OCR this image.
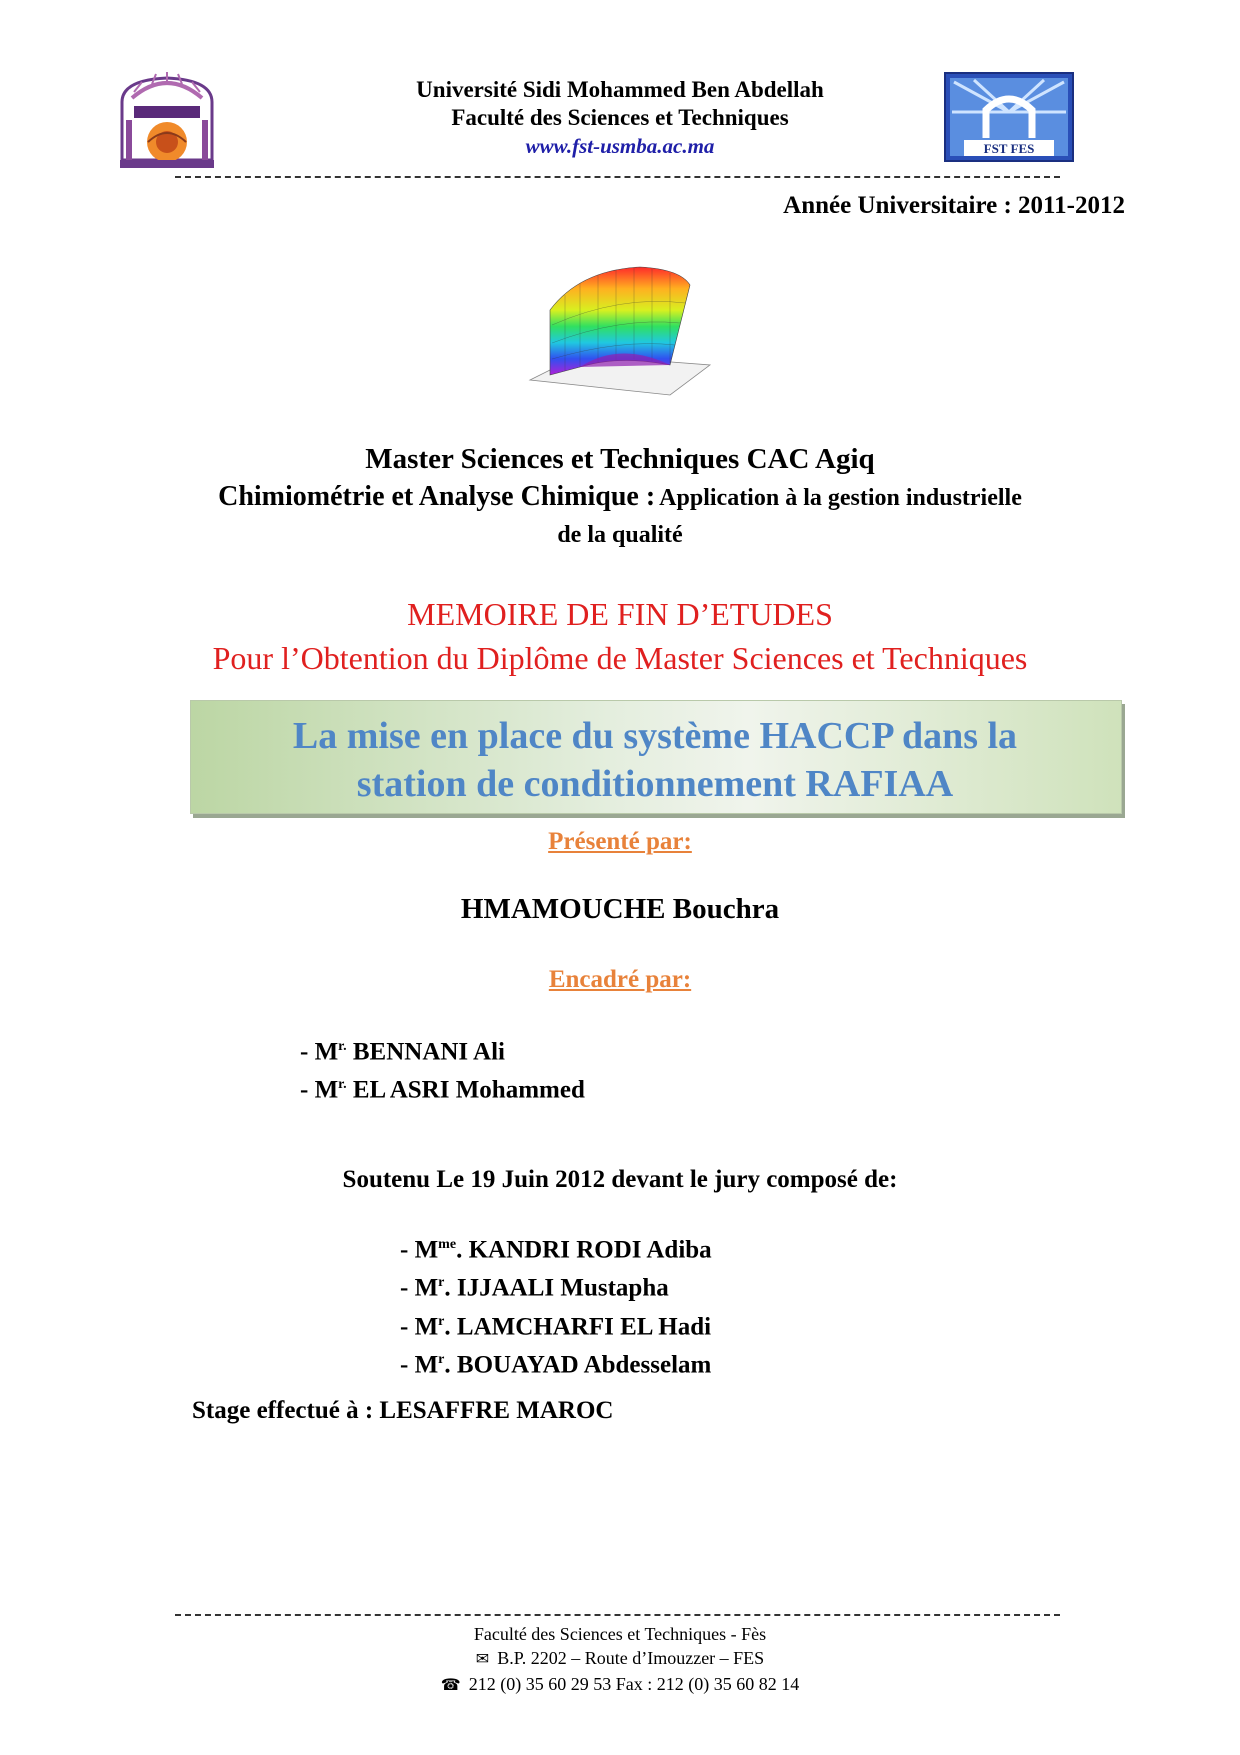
Université Sidi Mohammed Ben Abdellah
Faculté des Sciences et Techniques
www.fst-usmba.ac.ma	FST FES
Année Universitaire : 2011-2012
Master Sciences et Techniques CAC Agiq
Chimiométrie et Analyse Chimique : Application à la gestion industrielle
de la qualité
MEMOIRE DE FIN D’ETUDES
Pour l’Obtention du Diplôme de Master Sciences et Techniques
La mise en place du système HACCP dans la
station de conditionnement RAFIAA
Présenté par:
HMAMOUCHE Bouchra
Encadré par:
- $M^{r.}$ BENNANI Ali
- $M^{r.}$ EL ASRI Mohammed
Soutenu Le 19 Juin 2012 devant le jury composé de:
- $M^{me}$. KANDRI RODI Adiba
- $M^r$. IJJAALI Mustapha
- $M^r$. LAMCHARFI EL Hadi
- $M^r$. BOUAYAD Abdesselam
Stage effectué à : LESAFFRE MAROC
Faculté des Sciences et Techniques - Fès
✉ B.P. 2202 – Route d’Imouzzer – FES
☎ 212 (0) 35 60 29 53 Fax : 212 (0) 35 60 82 14
